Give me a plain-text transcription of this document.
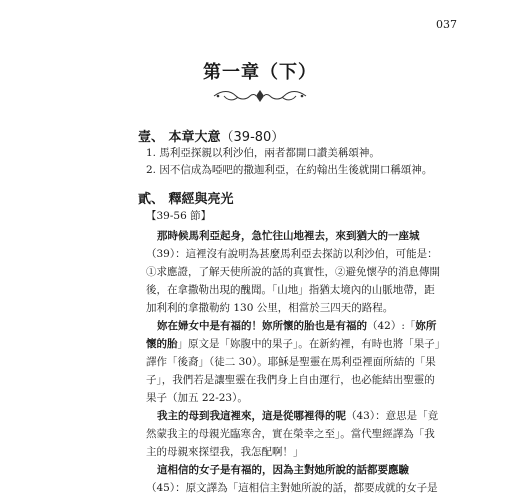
037
第一章（下）
壹、 本章大意（39-80）
1. 馬利亞探親以利沙伯，兩者都開口讚美稱頌神。
2. 因不信成為啞吧的撒迦利亞，在約翰出生後就開口稱頌神。
貳、 釋經與亮光
【39-56 節】
那時候馬利亞起身，急忙往山地裡去，來到猶大的一座城
（39）：這裡沒有說明為甚麼馬利亞去探訪以利沙伯，可能是：
①求應證，了解天使所說的話的真實性，②避免懷孕的消息傳開
後，在拿撒勒出現的醜聞。「山地」指猶太境內的山脈地帶，距
加利利的拿撒勒約 130 公里，相當於三四天的路程。
妳在婦女中是有福的！妳所懷的胎也是有福的（42）:「妳所
懷的胎」原文是「妳腹中的果子」。在新約裡，有時也將「果子」
譯作「後裔」（徒二 30）。耶穌是聖靈在馬利亞裡面所結的「果
子」，我們若是讓聖靈在我們身上自由運行，也必能結出聖靈的
果子（加五 22-23）。
我主的母到我這裡來，這是從哪裡得的呢（43）：意思是「竟
然蒙我主的母親光臨寒舍，實在榮幸之至」。當代聖經譯為「我
主的母親來探望我，我怎配啊！」
這相信的女子是有福的，因為主對她所說的話都要應驗
（45）：原文譯為「這相信主對她所說的話，都要成就的女子是
